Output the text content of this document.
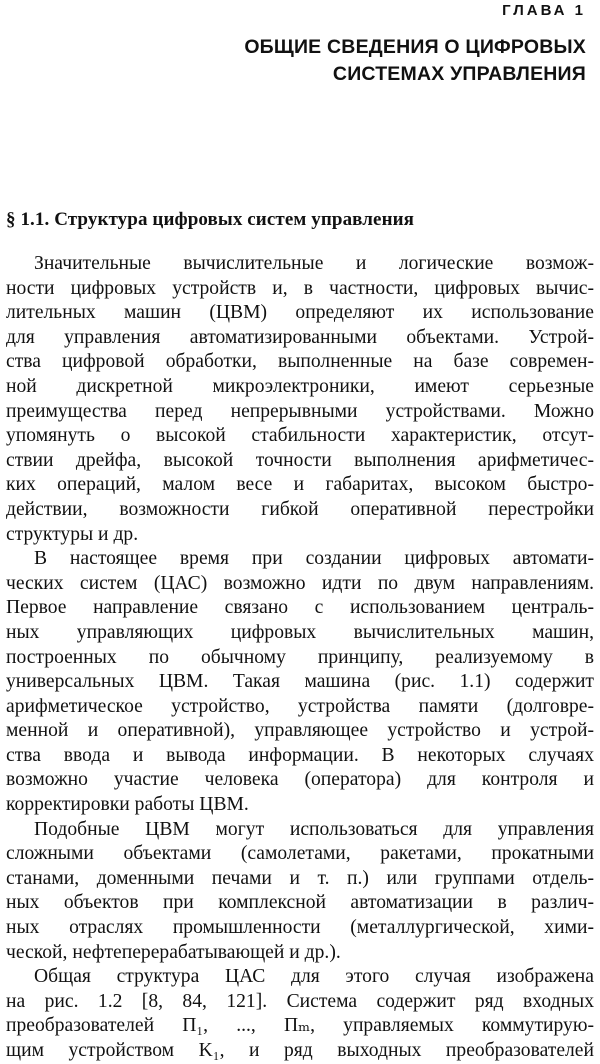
ГЛАВА 1
ОБЩИЕ СВЕДЕНИЯ О ЦИФРОВЫХ
СИСТЕМАХ УПРАВЛЕНИЯ
§ 1.1. Структура цифровых систем управления
Значительные вычислительные и логические возмож-
ности цифровых устройств и, в частности, цифровых вычис-
лительных машин (ЦВМ) определяют их использование
для управления автоматизированными объектами. Устрой-
ства цифровой обработки, выполненные на базе современ-
ной дискретной микроэлектроники, имеют серьезные
преимущества перед непрерывными устройствами. Можно
упомянуть о высокой стабильности характеристик, отсут-
ствии дрейфа, высокой точности выполнения арифметичес-
ких операций, малом весе и габаритах, высоком быстро-
действии, возможности гибкой оперативной перестройки
структуры и др.
В настоящее время при создании цифровых автомати-
ческих систем (ЦАС) возможно идти по двум направлениям.
Первое направление связано с использованием централь-
ных управляющих цифровых вычислительных машин,
построенных по обычному принципу, реализуемому в
универсальных ЦВМ. Такая машина (рис. 1.1) содержит
арифметическое устройство, устройства памяти (долговре-
менной и оперативной), управляющее устройство и устрой-
ства ввода и вывода информации. В некоторых случаях
возможно участие человека (оператора) для контроля и
корректировки работы ЦВМ.
Подобные ЦВМ могут использоваться для управления
сложными объектами (самолетами, ракетами, прокатными
станами, доменными печами и т. п.) или группами отдель-
ных объектов при комплексной автоматизации в различ-
ных отраслях промышленности (металлургической, хими-
ческой, нефтеперерабатывающей и др.).
Общая структура ЦАС для этого случая изображена
на рис. 1.2 [8, 84, 121]. Система содержит ряд входных
преобразователей Π₁, ..., Πₘ, управляемых коммутирую-
щим устройством K₁, и ряд выходных преобразователей
